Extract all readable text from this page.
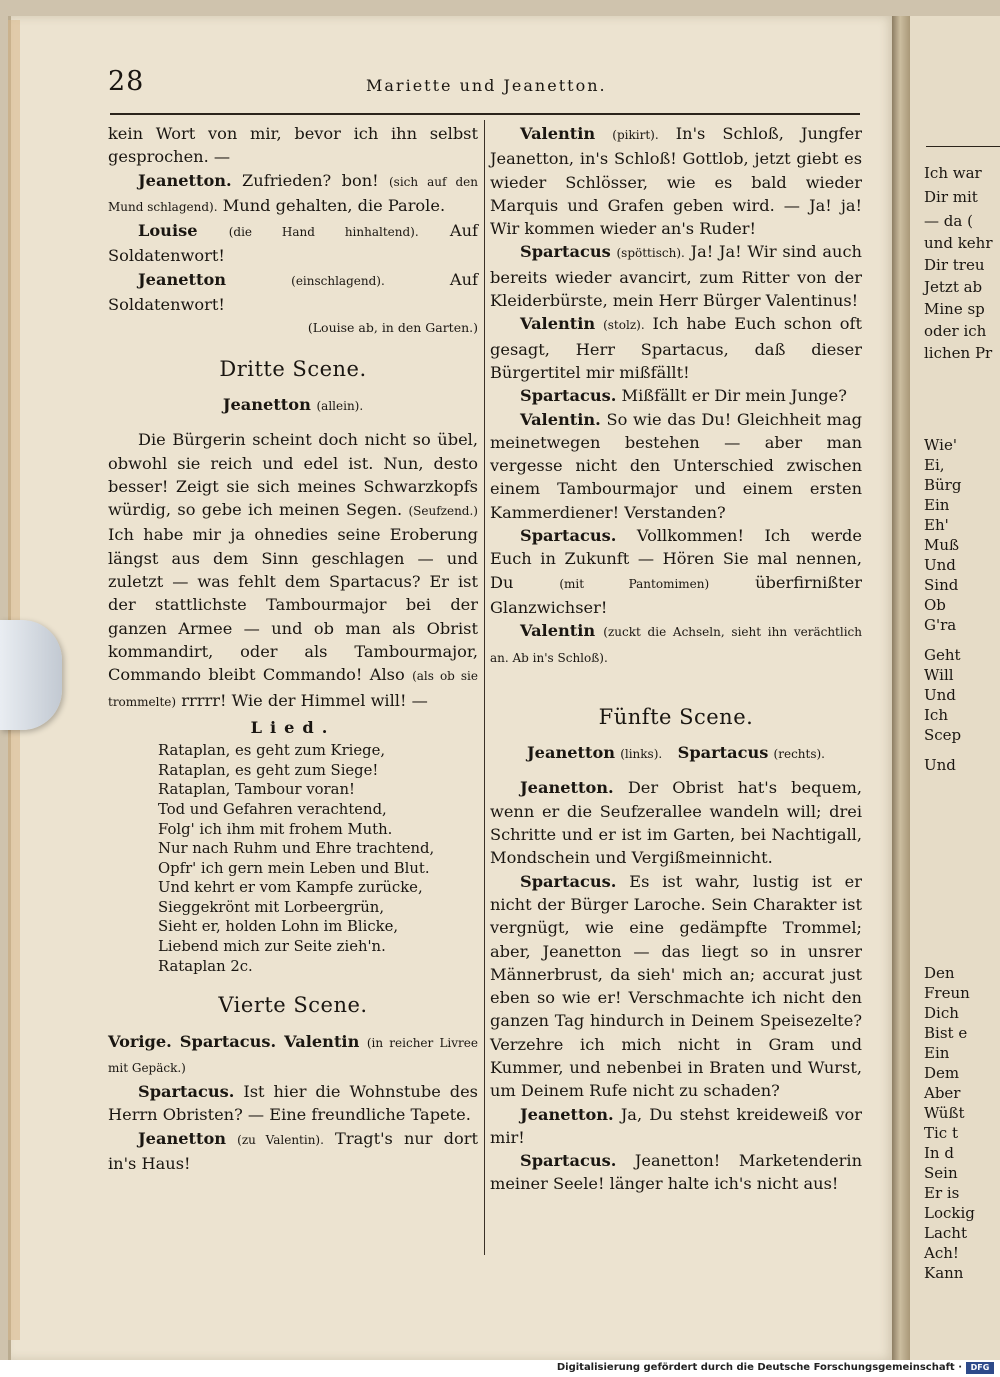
Ich war
Dir mit
— da (
und kehr
Dir treu
Jetzt ab
Mine sp
oder ich
lichen Pr
Wie'
Ei,
Bürg
Ein
Eh'
Muß
Und
Sind
Ob
G'ra
Geht
Will
Und
Ich
Scep
Und
Den
Freun
Dich
Bist e
Ein
Dem
Aber
Wüßt
Tic t
In d
Sein
Er is
Lockig
Lacht
Ach!
Kann
28	Mariette und Jeanetton.

kein Wort von mir, bevor ich ihn selbst gesprochen. —

Jeanetton. Zufrieden? bon! (sich auf den Mund schlagend). Mund gehalten, die Parole.

Louise	(die Hand hinhaltend). Auf Soldatenwort!

Jeanetton	(einschlagend).	Auf Soldatenwort!

(Louise ab, in den Garten.)

Dritte Scene.
Jeanetton (allein).

Die Bürgerin scheint doch nicht so übel, obwohl sie reich und edel ist. Nun, desto besser! Zeigt sie sich meines Schwarzkopfs würdig, so gebe ich meinen Segen. (Seufzend.) Ich habe mir ja ohnedies seine Eroberung längst aus dem Sinn geschlagen — und zuletzt — was fehlt dem Spartacus? Er ist der stattlichste Tambourmajor bei der ganzen Armee — und ob man als Obrist kommandirt, oder als Tambourmajor, Commando bleibt Commando! Also (als ob sie trommelte) rrrrr! Wie der Himmel will! —

Lied.

Rataplan, es geht zum Kriege,

Rataplan, es geht zum Siege!

Rataplan, Tambour voran!

Tod und Gefahren verachtend,

Folg' ich ihm mit frohem Muth.

Nur nach Ruhm und Ehre trachtend,

Opfr' ich gern mein Leben und Blut.

Und kehrt er vom Kampfe zurücke,

Sieggekrönt mit Lorbeergrün,

Sieht er, holden Lohn im Blicke,

Liebend mich zur Seite zieh'n.

Rataplan 2c.

Vierte Scene.

Vorige. Spartacus. Valentin (in reicher Livree mit Gepäck.)

Spartacus. Ist hier die Wohnstube des Herrn Obristen? — Eine freundliche Tapete.

Jeanetton (zu Valentin). Tragt's nur dort in's Haus!

Valentin (pikirt). In's Schloß, Jungfer Jeanetton, in's Schloß! Gottlob, jetzt giebt es wieder Schlösser, wie es bald wieder Marquis und Grafen geben wird. — Ja! ja! Wir kommen wieder an's Ruder!

Spartacus (spöttisch). Ja! Ja! Wir sind auch bereits wieder avancirt, zum Ritter von der Kleiderbürste, mein Herr Bürger Valentinus!

Valentin (stolz). Ich habe Euch schon oft gesagt, Herr Spartacus, daß dieser Bürgertitel mir mißfällt!

Spartacus. Mißfällt er Dir mein Junge?

Valentin. So wie das Du! Gleichheit mag meinetwegen bestehen — aber man vergesse nicht den Unterschied zwischen einem Tambourmajor und einem ersten Kammerdiener! Verstanden?

Spartacus. Vollkommen! Ich werde Euch in Zukunft — Hören Sie mal nennen, Du	(mit Pantomimen)	überfirnißter Glanzwichser!

Valentin (zuckt die Achseln, sieht ihn verächtlich an. Ab in's Schloß).

Fünfte Scene.

Jeanetton (links). Spartacus (rechts).

Jeanetton. Der Obrist hat's bequem, wenn er die Seufzerallee wandeln will; drei Schritte und er ist im Garten, bei Nachtigall, Mondschein und Vergißmeinnicht.

Spartacus. Es ist wahr, lustig ist er nicht der Bürger Laroche. Sein Charakter ist vergnügt, wie eine gedämpfte Trommel; aber, Jeanetton — das liegt so in unsrer Männerbrust, da sieh' mich an; accurat just eben so wie er! Verschmachte ich nicht den ganzen Tag hindurch in Deinem Speisezelte? Verzehre ich mich nicht in Gram und Kummer, und nebenbei in Braten und Wurst, um Deinem Rufe nicht zu schaden?

Jeanetton. Ja, Du stehst kreideweiß vor mir!

Spartacus. Jeanetton! Marketenderin meiner Seele! länger halte ich's nicht aus!

Digitalisierung gefördert durch die Deutsche Forschungsgemeinschaft ·	DFG
